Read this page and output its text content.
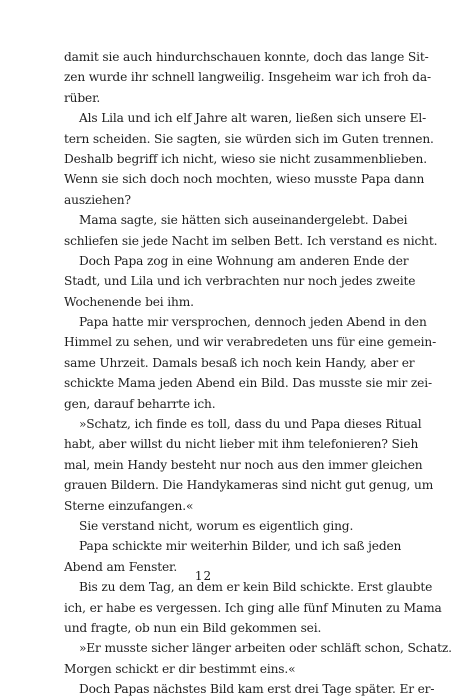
damit sie auch hindurchschauen konnte, doch das lange Sit-
zen wurde ihr schnell langweilig. Insgeheim war ich froh da-
rüber.
Als Lila und ich elf Jahre alt waren, ließen sich unsere El-
tern scheiden. Sie sagten, sie würden sich im Guten trennen.
Deshalb begriff ich nicht, wieso sie nicht zusammenblieben.
Wenn sie sich doch noch mochten, wieso musste Papa dann
ausziehen?
Mama sagte, sie hätten sich auseinandergelebt. Dabei
schliefen sie jede Nacht im selben Bett. Ich verstand es nicht.
Doch Papa zog in eine Wohnung am anderen Ende der
Stadt, und Lila und ich verbrachten nur noch jedes zweite
Wochenende bei ihm.
Papa hatte mir versprochen, dennoch jeden Abend in den
Himmel zu sehen, und wir verabredeten uns für eine gemein-
same Uhrzeit. Damals besaß ich noch kein Handy, aber er
schickte Mama jeden Abend ein Bild. Das musste sie mir zei-
gen, darauf beharrte ich.
»Schatz, ich finde es toll, dass du und Papa dieses Ritual
habt, aber willst du nicht lieber mit ihm telefonieren? Sieh
mal, mein Handy besteht nur noch aus den immer gleichen
grauen Bildern. Die Handykameras sind nicht gut genug, um
Sterne einzufangen.«
Sie verstand nicht, worum es eigentlich ging.
Papa schickte mir weiterhin Bilder, und ich saß jeden
Abend am Fenster.
Bis zu dem Tag, an dem er kein Bild schickte. Erst glaubte
ich, er habe es vergessen. Ich ging alle fünf Minuten zu Mama
und fragte, ob nun ein Bild gekommen sei.
»Er musste sicher länger arbeiten oder schläft schon, Schatz.
Morgen schickt er dir bestimmt eins.«
Doch Papas nächstes Bild kam erst drei Tage später. Er er-
12
